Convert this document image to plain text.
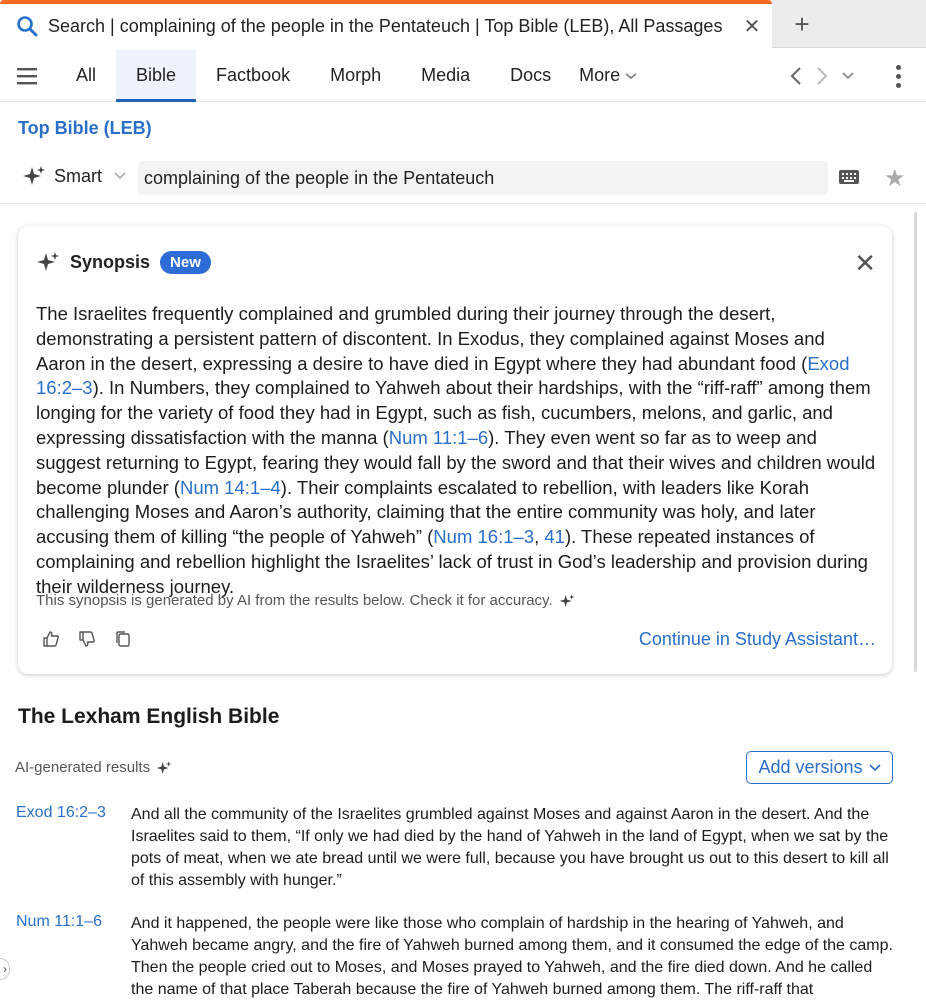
Search | complaining of the people in the Pentateuch | Top Bible (LEB), All Passages	✕	+
All	Bible	Factbook	Morph	Media	Docs	More
Top Bible (LEB)
Smart
complaining of the people in the Pentateuch	★
Synopsis	New	✕
The Israelites frequently complained and grumbled during their journey through the desert, demonstrating a persistent pattern of discontent. In Exodus, they complained against Moses and Aaron in the desert, expressing a desire to have died in Egypt where they had abundant food (Exod 16:2–3). In Numbers, they complained to Yahweh about their hardships, with the “riff-raff” among them longing for the variety of food they had in Egypt, such as fish, cucumbers, melons, and garlic, and expressing dissatisfaction with the manna (Num 11:1–6). They even went so far as to weep and suggest returning to Egypt, fearing they would fall by the sword and that their wives and children would become plunder (Num 14:1–4). Their complaints escalated to rebellion, with leaders like Korah challenging Moses and Aaron’s authority, claiming that the entire community was holy, and later accusing them of killing “the people of Yahweh” (Num 16:1–3, 41). These repeated instances of complaining and rebellion highlight the Israelites’ lack of trust in God’s leadership and provision during their wilderness journey.
This synopsis is generated by AI from the results below. Check it for accuracy.
Continue in Study Assistant…
The Lexham English Bible
AI-generated results	Add versions
Exod 16:2–3 And all the community of the Israelites grumbled against Moses and against Aaron in the desert. And the Israelites said to them, “If only we had died by the hand of Yahweh in the land of Egypt, when we sat by the pots of meat, when we ate bread until we were full, because you have brought us out to this desert to kill all of this assembly with hunger.”
Num 11:1–6 And it happened, the people were like those who complain of hardship in the hearing of Yahweh, and Yahweh became angry, and the fire of Yahweh burned among them, and it consumed the edge of the camp. Then the people cried out to Moses, and Moses prayed to Yahweh, and the fire died down. And he called the name of that place Taberah because the fire of Yahweh burned among them. The riff-raff that
›
